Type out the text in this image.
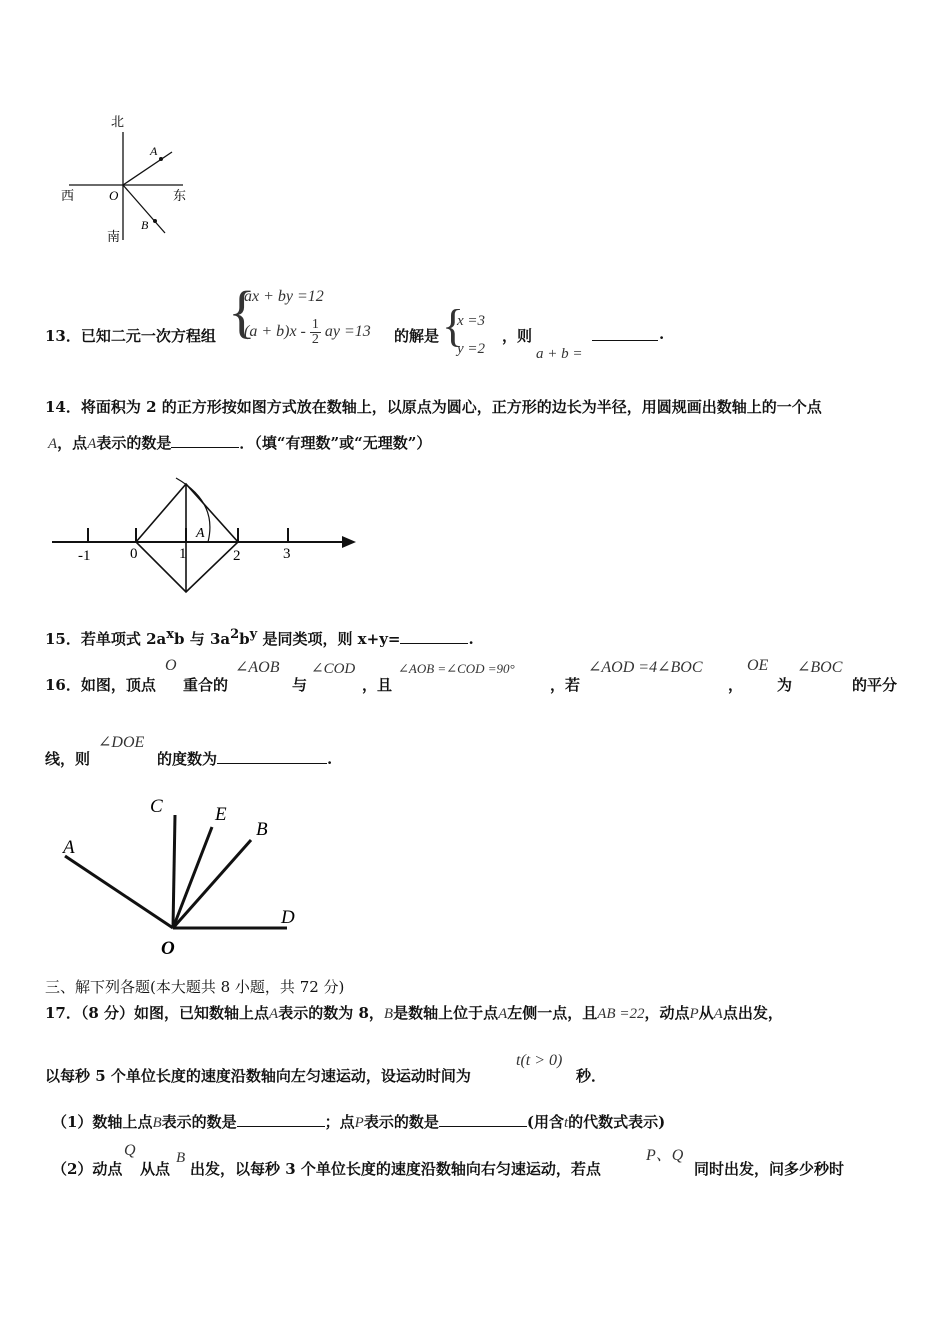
北
南
西	东
O
A
B
13．已知二元一次方程组 {
ax + by =12
$(a + b)x - \frac{1}{2}$ ay =13 的解是 {
x =3
y =2
，则
a + b =
.
14．将面积为 2 的正方形按如图方式放在数轴上，以原点为圆心，正方形的边长为半径，用圆规画出数轴上的一个点
A，点A表示的数是	．（填“有理数”或“无理数”）
-1	0	1	2	3
A
15．若单项式 $2a^xb$ 与 $3a^2b^y$ 是同类项，则 x+y=	.
16．如图，顶点
O
重合的
∠AOB
与
∠COD
，且
∠AOB =∠COD =90°
，若
∠AOD =4∠BOC
，
OE
为
∠BOC
的平分
线，则
∠DOE
的度数为	.
A
C	E
B
D
O
三、解下列各题(本大题共 8 小题，共 72 分)
17．（8 分）如图，已知数轴上点A表示的数为 8，B是数轴上位于点A左侧一点，且AB =22，动点P从A点出发，
以每秒 5 个单位长度的速度沿数轴向左匀速运动，设运动时间为
t(t > 0)
秒．
（1）数轴上点B表示的数是	；点P表示的数是	(用含t的代数式表示)
（2）动点
Q
从点
B
出发，以每秒 3 个单位长度的速度沿数轴向右匀速运动，若点
P、Q
同时出发，问多少秒时
